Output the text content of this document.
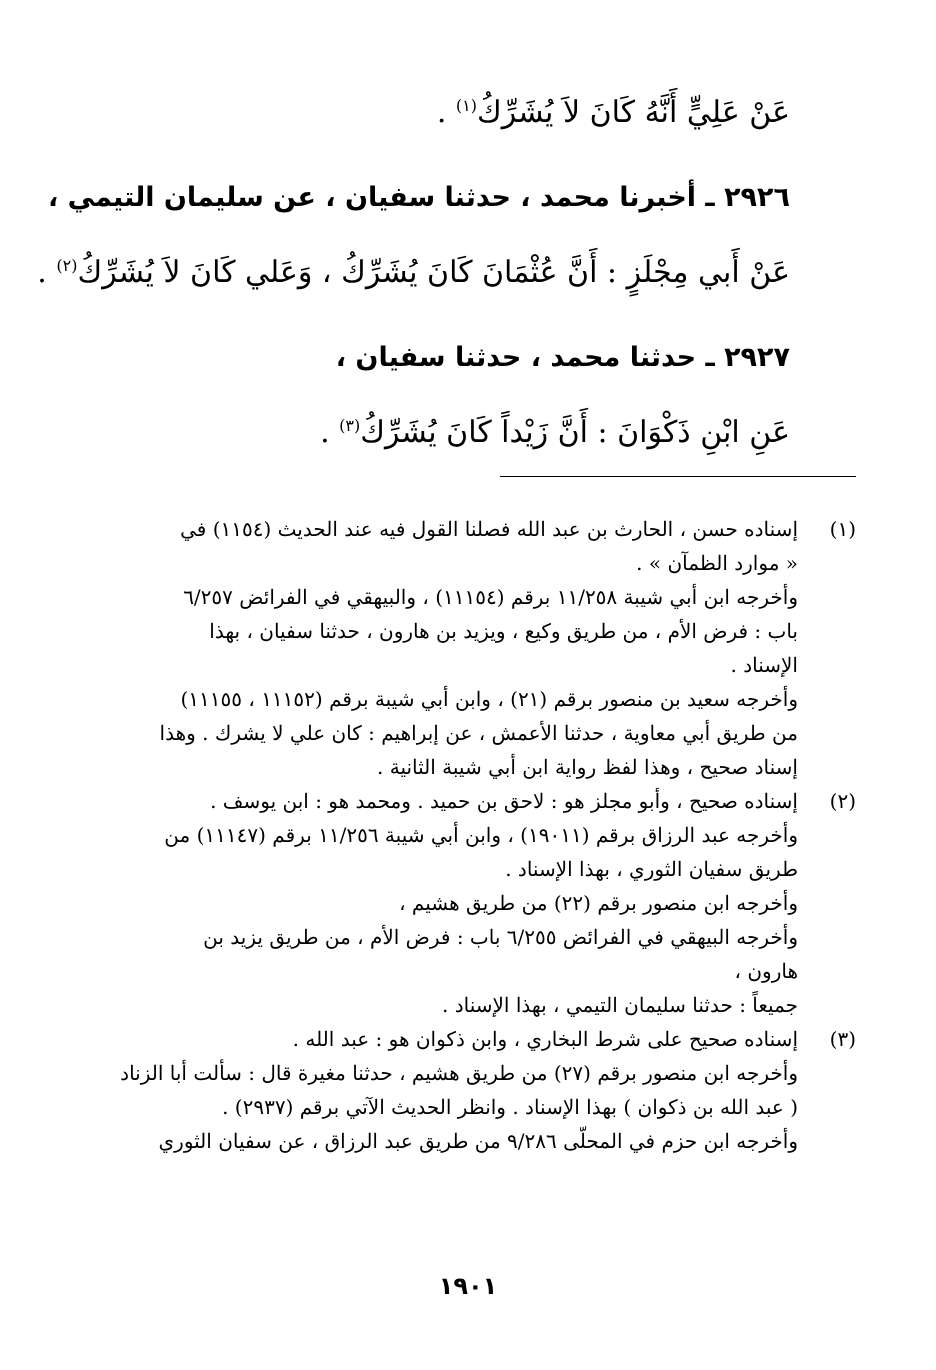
عَنْ عَلِيٍّ أَنَّهُ كَانَ لاَ يُشَرِّكُ$^{(١)}$ .
٢٩٢٦ ـ أخبرنا محمد ، حدثنا سفيان ، عن سليمان التيمي ،
عَنْ أَبي مِجْلَزٍ : أَنَّ عُثْمَانَ كَانَ يُشَرِّكُ ، وَعَلي كَانَ لاَ يُشَرِّكُ$^{(٢)}$ .
٢٩٢٧ ـ حدثنا محمد ، حدثنا سفيان ،
عَنِ ابْنِ ذَكْوَانَ : أَنَّ زَيْداً كَانَ يُشَرِّكُ$^{(٣)}$ .
(١)
إسناده حسن ، الحارث بن عبد الله فصلنا القول فيه عند الحديث (١١٥٤) في
« موارد الظمآن » .
وأخرجه ابن أبي شيبة ١١/٢٥٨ برقم (١١١٥٤) ، والبيهقي في الفرائض ٦/٢٥٧
باب : فرض الأم ، من طريق وكيع ، ويزيد بن هارون ، حدثنا سفيان ، بهذا
الإسناد .
وأخرجه سعيد بن منصور برقم (٢١) ، وابن أبي شيبة برقم (١١١٥٢ ، ١١١٥٥)
من طريق أبي معاوية ، حدثنا الأعمش ، عن إبراهيم : كان علي لا يشرك . وهذا
إسناد صحيح ، وهذا لفظ رواية ابن أبي شيبة الثانية .
(٢)
إسناده صحيح ، وأبو مجلز هو : لاحق بن حميد . ومحمد هو : ابن يوسف .
وأخرجه عبد الرزاق برقم (١٩٠١١) ، وابن أبي شيبة ١١/٢٥٦ برقم (١١١٤٧) من
طريق سفيان الثوري ، بهذا الإسناد .
وأخرجه ابن منصور برقم (٢٢) من طريق هشيم ،
وأخرجه البيهقي في الفرائض ٦/٢٥٥ باب : فرض الأم ، من طريق يزيد بن
هارون ،
جميعاً : حدثنا سليمان التيمي ، بهذا الإسناد .
(٣)
إسناده صحيح على شرط البخاري ، وابن ذكوان هو : عبد الله .
وأخرجه ابن منصور برقم (٢٧) من طريق هشيم ، حدثنا مغيرة قال : سألت أبا الزناد
( عبد الله بن ذكوان ) بهذا الإسناد . وانظر الحديث الآتي برقم (٢٩٣٧) .
وأخرجه ابن حزم في المحلّى ٩/٢٨٦ من طريق عبد الرزاق ، عن سفيان الثوري
١٩٠١
